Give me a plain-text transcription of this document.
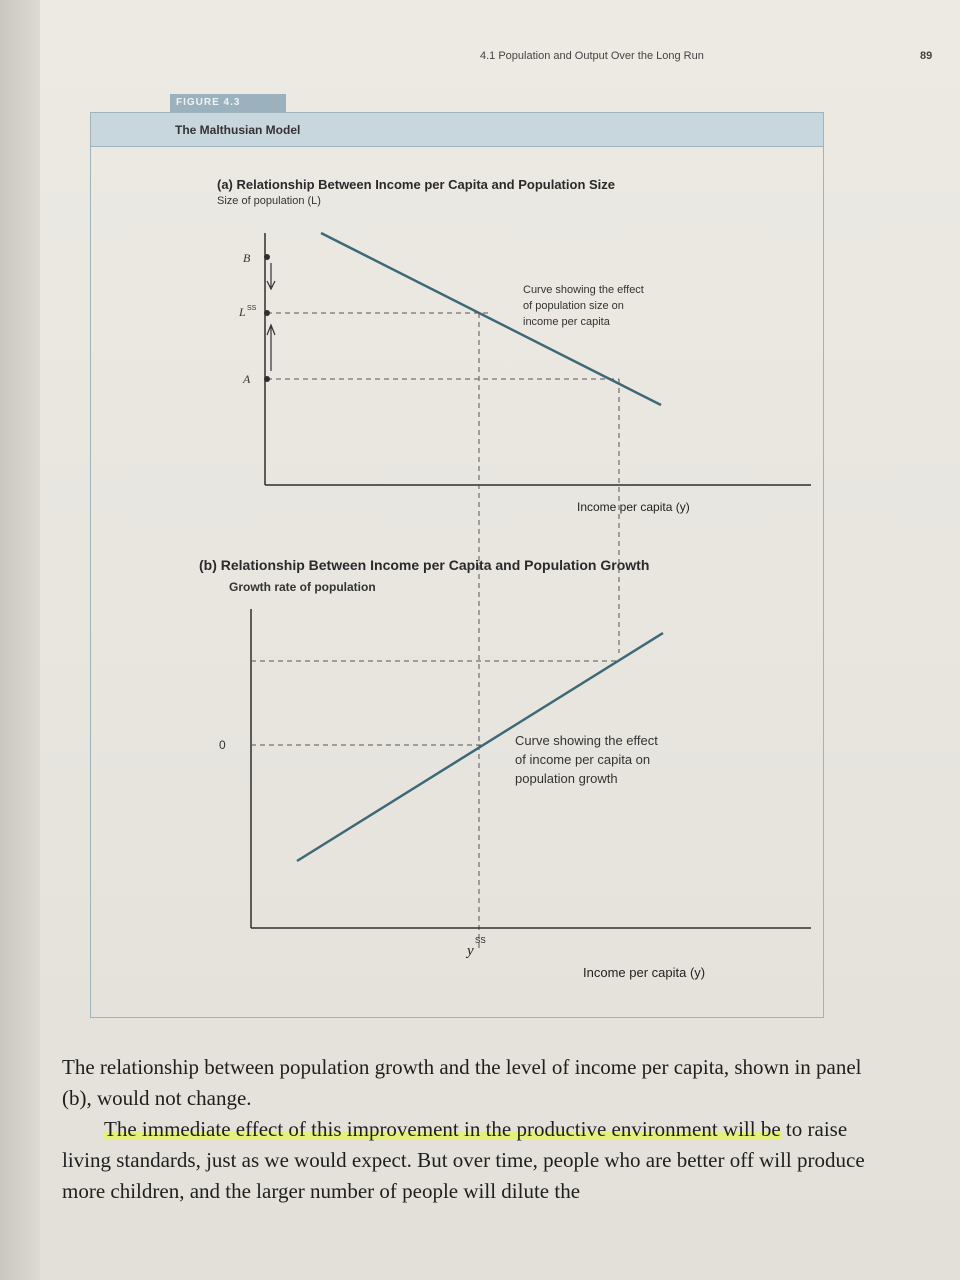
4.1 Population and Output Over the Long Run	89
FIGURE 4.3
The Malthusian Model
(a) Relationship Between Income per Capita and Population Size
Size of population (L)
(b) Relationship Between Income per Capita and Population Growth
Growth rate of population
B
L SS
A
Curve showing the effect
of population size on
income per capita
Income per capita (y)
0
y
SS
Curve showing the effect
of income per capita on
population growth
Income per capita (y)

The relationship between population growth and the level of income per capita, shown in panel (b), would not change.

The immediate effect of this improvement in the productive environment will be to raise living standards, just as we would expect. But over time, people who are better off will produce more children, and the larger number of people will dilute the
